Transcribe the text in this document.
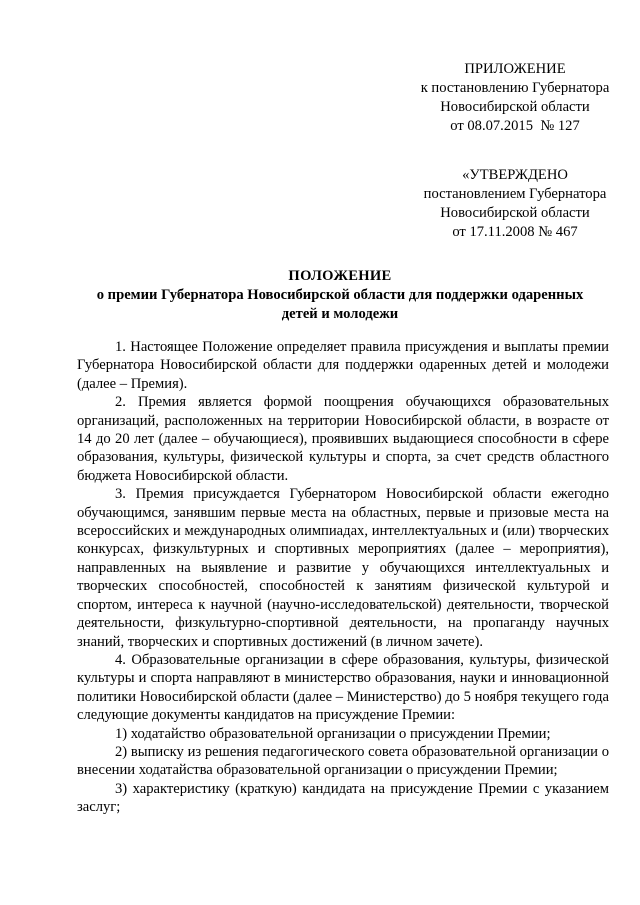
ПРИЛОЖЕНИЕ
к постановлению Губернатора
Новосибирской области
от 08.07.2015  № 127
«УТВЕРЖДЕНО
постановлением Губернатора
Новосибирской области
от 17.11.2008 № 467
ПОЛОЖЕНИЕ
о премии Губернатора Новосибирской области для поддержки одаренных
детей и молодежи

1. Настоящее Положение определяет правила присуждения и выплаты премии Губернатора Новосибирской области для поддержки одаренных детей и молодежи (далее – Премия).

2. Премия является формой поощрения обучающихся образовательных организаций, расположенных на территории Новосибирской области, в возрасте от 14 до 20 лет (далее – обучающиеся), проявивших выдающиеся способности в сфере образования, культуры, физической культуры и спорта, за счет средств областного бюджета Новосибирской области.

3. Премия присуждается Губернатором Новосибирской области ежегодно обучающимся, занявшим первые места на областных, первые и призовые места на всероссийских и международных олимпиадах, интеллектуальных и (или) творческих конкурсах, физкультурных и спортивных мероприятиях (далее – мероприятия), направленных на выявление и развитие у обучающихся интеллектуальных и творческих способностей, способностей к занятиям физической культурой и спортом, интереса к научной (научно-исследовательской) деятельности, творческой деятельности, физкультурно-спортивной деятельности, на пропаганду научных знаний, творческих и спортивных достижений (в личном зачете).

4. Образовательные организации в сфере образования, культуры, физической культуры и спорта направляют в министерство образования, науки и инновационной политики Новосибирской области (далее – Министерство) до 5 ноября текущего года следующие документы кандидатов на присуждение Премии:

1) ходатайство образовательной организации о присуждении Премии;

2) выписку из решения педагогического совета образовательной организации о внесении ходатайства образовательной организации о присуждении Премии;

3) характеристику (краткую) кандидата на присуждение Премии с указанием заслуг;
